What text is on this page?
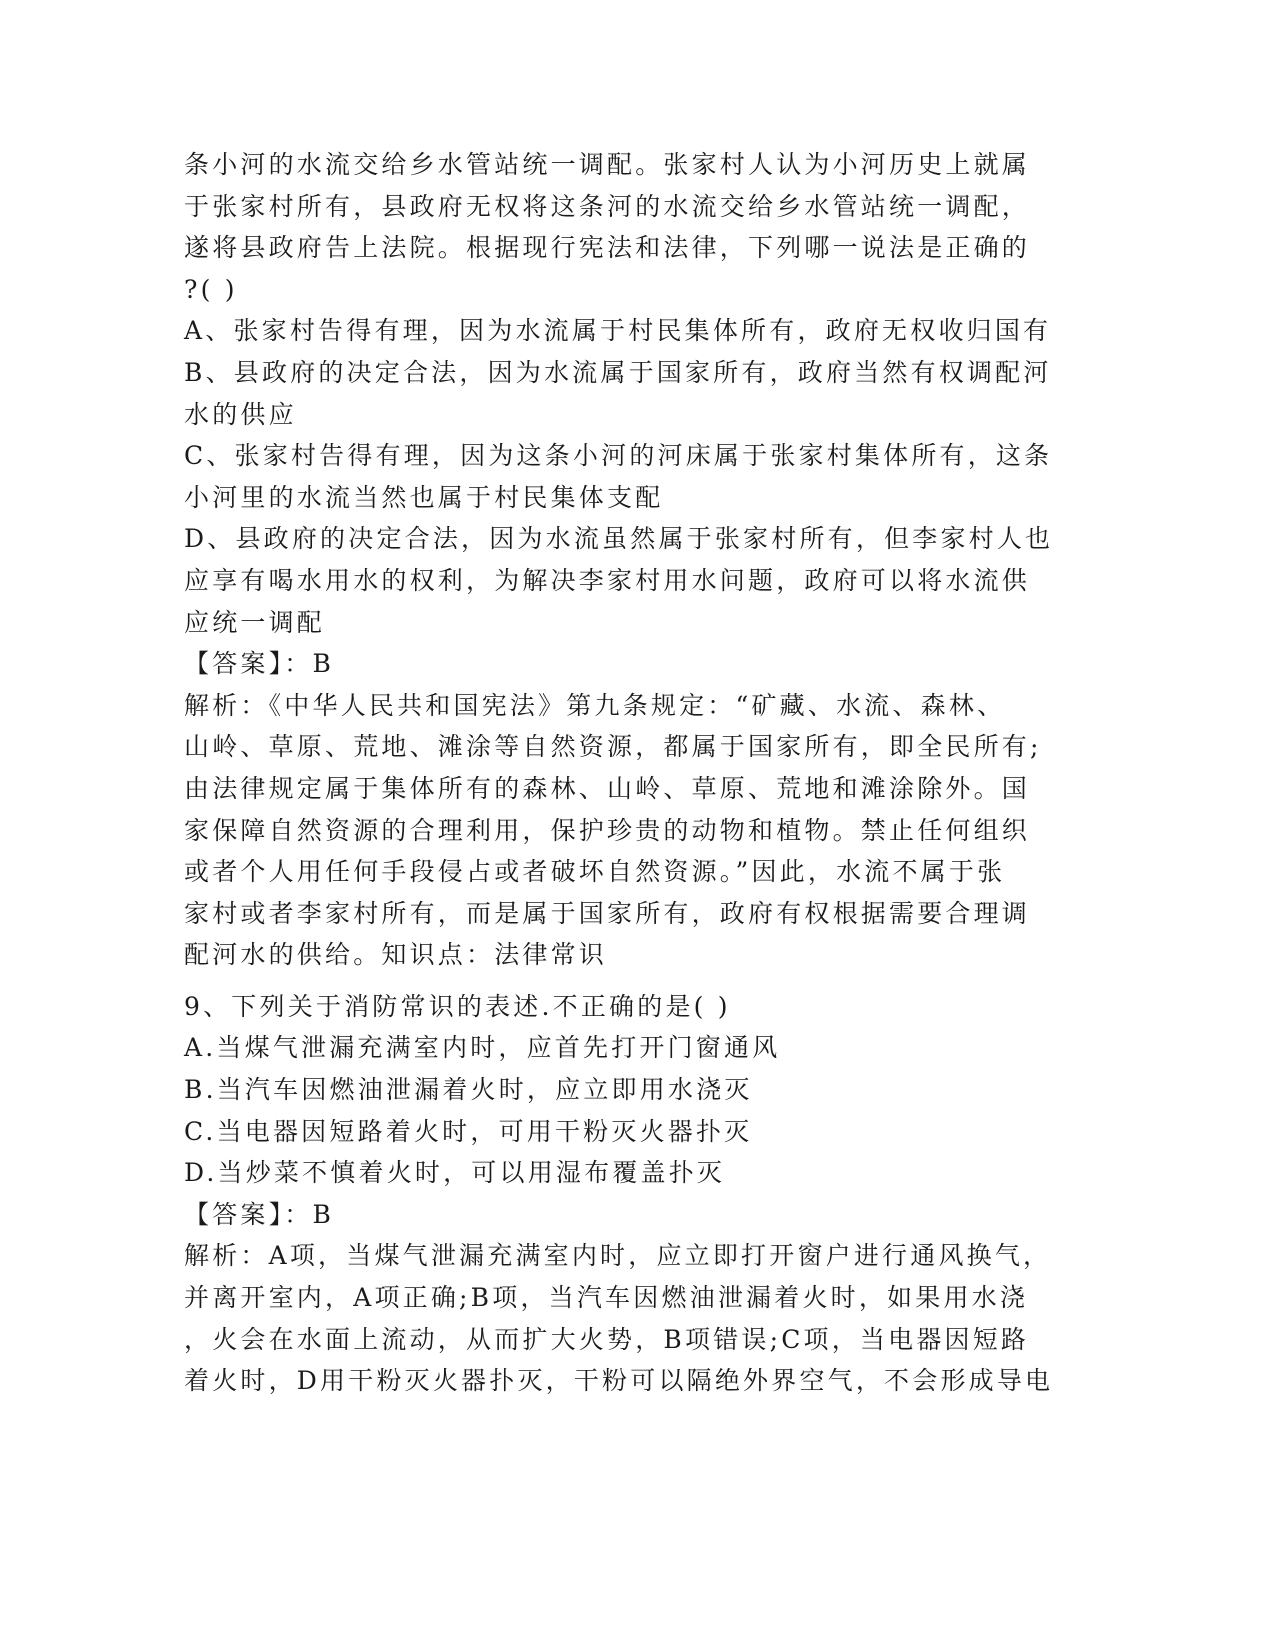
条小河的水流交给乡水管站统一调配。张家村人认为小河历史上就属
于张家村所有，县政府无权将这条河的水流交给乡水管站统一调配，
遂将县政府告上法院。根据现行宪法和法律，下列哪一说法是正确的
?( )
A、张家村告得有理，因为水流属于村民集体所有，政府无权收归国有
B、县政府的决定合法，因为水流属于国家所有，政府当然有权调配河
水的供应
C、张家村告得有理，因为这条小河的河床属于张家村集体所有，这条
小河里的水流当然也属于村民集体支配
D、县政府的决定合法，因为水流虽然属于张家村所有，但李家村人也
应享有喝水用水的权利，为解决李家村用水问题，政府可以将水流供
应统一调配
【答案】：B
解析：《中华人民共和国宪法》第九条规定：“矿藏、水流、森林、
山岭、草原、荒地、滩涂等自然资源，都属于国家所有，即全民所有;
由法律规定属于集体所有的森林、山岭、草原、荒地和滩涂除外。国
家保障自然资源的合理利用，保护珍贵的动物和植物。禁止任何组织
或者个人用任何手段侵占或者破坏自然资源。”因此，水流不属于张
家村或者李家村所有，而是属于国家所有，政府有权根据需要合理调
配河水的供给。知识点：法律常识
9、下列关于消防常识的表述.不正确的是( )
A.当煤气泄漏充满室内时，应首先打开门窗通风
B.当汽车因燃油泄漏着火时，应立即用水浇灭
C.当电器因短路着火时，可用干粉灭火器扑灭
D.当炒菜不慎着火时，可以用湿布覆盖扑灭
【答案】：B
解析：A项，当煤气泄漏充满室内时，应立即打开窗户进行通风换气，
并离开室内，A项正确;B项，当汽车因燃油泄漏着火时，如果用水浇
，火会在水面上流动，从而扩大火势，B项错误;C项，当电器因短路
着火时，D用干粉灭火器扑灭，干粉可以隔绝外界空气，不会形成导电
